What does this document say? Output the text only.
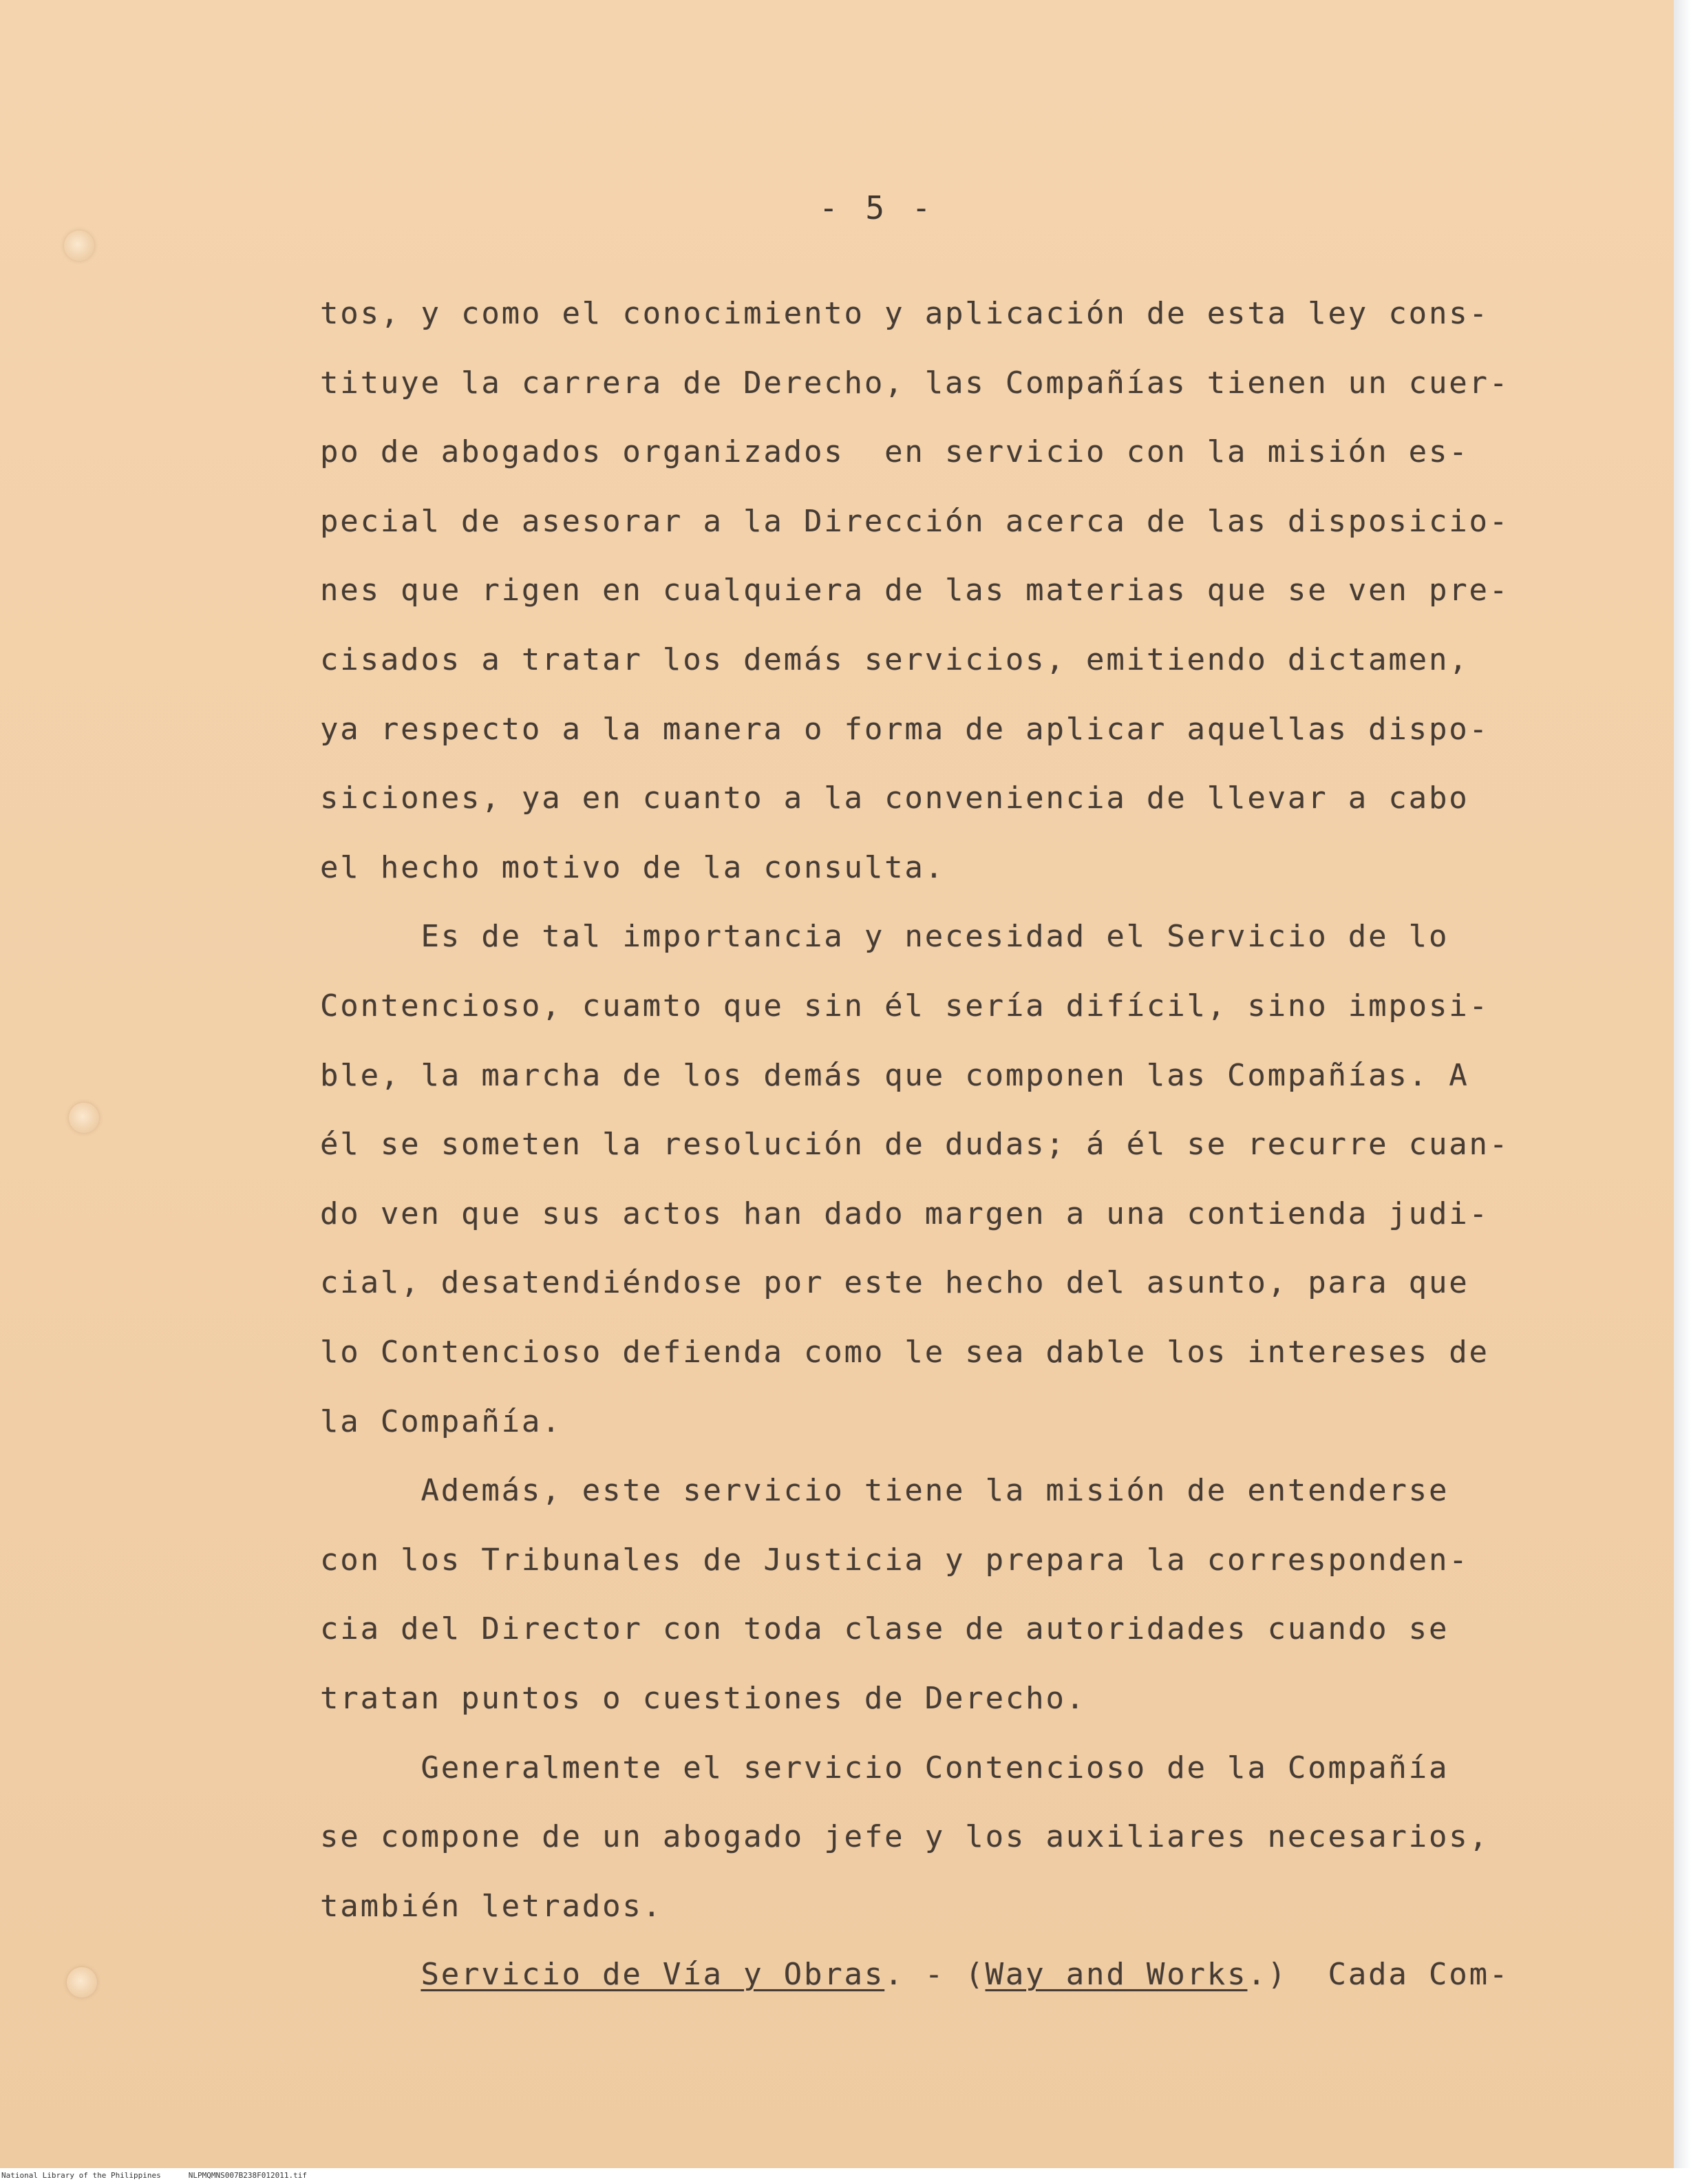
- 5 -
tos, y como el conocimiento y aplicación de esta ley cons-
tituye la carrera de Derecho, las Compañías tienen un cuer-
po de abogados organizados  en servicio con la misión es-
pecial de asesorar a la Dirección acerca de las disposicio-
nes que rigen en cualquiera de las materias que se ven pre-
cisados a tratar los demás servicios, emitiendo dictamen,
ya respecto a la manera o forma de aplicar aquellas dispo-
siciones, ya en cuanto a la conveniencia de llevar a cabo
el hecho motivo de la consulta.
Es de tal importancia y necesidad el Servicio de lo
Contencioso, cuamto que sin él sería difícil, sino imposi-
ble, la marcha de los demás que componen las Compañías. A
él se someten la resolución de dudas; á él se recurre cuan-
do ven que sus actos han dado margen a una contienda judi-
cial, desatendiéndose por este hecho del asunto, para que
lo Contencioso defienda como le sea dable los intereses de
la Compañía.
Además, este servicio tiene la misión de entenderse
con los Tribunales de Justicia y prepara la corresponden-
cia del Director con toda clase de autoridades cuando se
tratan puntos o cuestiones de Derecho.
Generalmente el servicio Contencioso de la Compañía
se compone de un abogado jefe y los auxiliares necesarios,
también letrados.
Servicio de Vía y Obras. - (Way and Works.)  Cada Com-
National Library of the Philippines	NLPMQMNS007B238F012011.tif
